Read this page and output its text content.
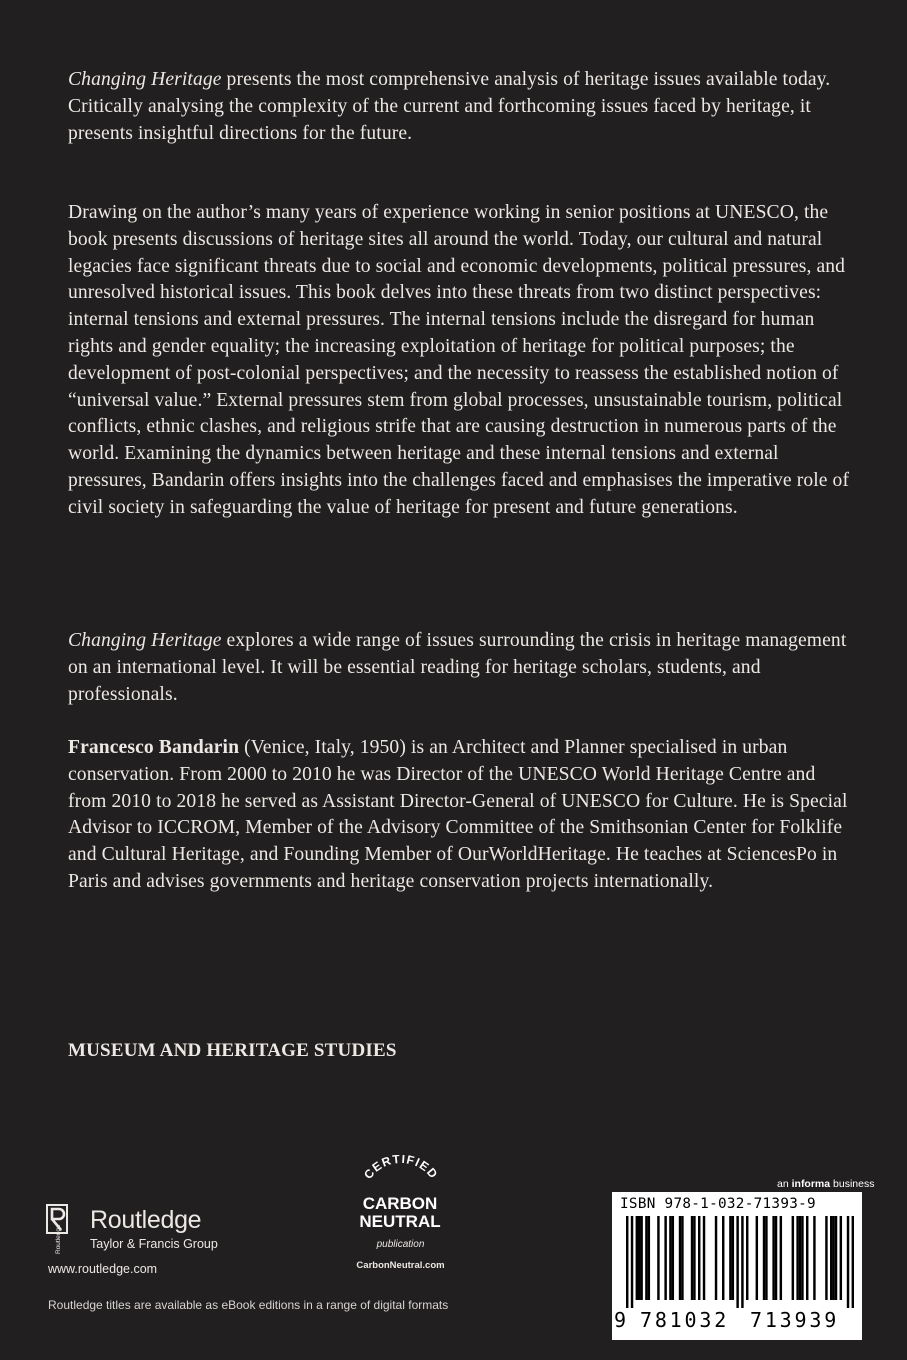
Changing Heritage presents the most comprehensive analysis of heritage issues available today. Critically analysing the complexity of the current and forthcoming issues faced by heritage, it presents insightful directions for the future.

Drawing on the author’s many years of experience working in senior positions at UNESCO, the book presents discussions of heritage sites all around the world. Today, our cultural and natural legacies face significant threats due to social and economic developments, political pressures, and unresolved historical issues. This book delves into these threats from two distinct perspectives: internal tensions and external pressures. The internal tensions include the disregard for human rights and gender equality; the increasing exploitation of heritage for political purposes; the development of post-colonial perspectives; and the necessity to reassess the established notion of “universal value.” External pressures stem from global processes, unsustainable tourism, political conflicts, ethnic clashes, and religious strife that are causing destruction in numerous parts of the world. Examining the dynamics between heritage and these internal tensions and external pressures, Bandarin offers insights into the challenges faced and emphasises the imperative role of civil society in safeguarding the value of heritage for present and future generations.

Changing Heritage explores a wide range of issues surrounding the crisis in heritage management on an international level. It will be essential reading for heritage scholars, students, and professionals.

Francesco Bandarin (Venice, Italy, 1950) is an Architect and Planner specialised in urban conservation. From 2000 to 2010 he was Director of the UNESCO World Heritage Centre and from 2010 to 2018 he served as Assistant Director-General of UNESCO for Culture. He is Special Advisor to ICCROM, Member of the Advisory Committee of the Smithsonian Center for Folklife and Cultural Heritage, and Founding Member of OurWorldHeritage. He teaches at SciencesPo in Paris and advises governments and heritage conservation projects internationally.

MUSEUM AND HERITAGE STUDIES
Routledge
Routledge
Taylor & Francis Group
www.routledge.com
Routledge titles are available as eBook editions in a range of digital formats
CERTIFIED
CARBON
NEUTRAL
publication
CarbonNeutral.com
an informa business
ISBN 978-1-032-71393-9
9 781032 713939
